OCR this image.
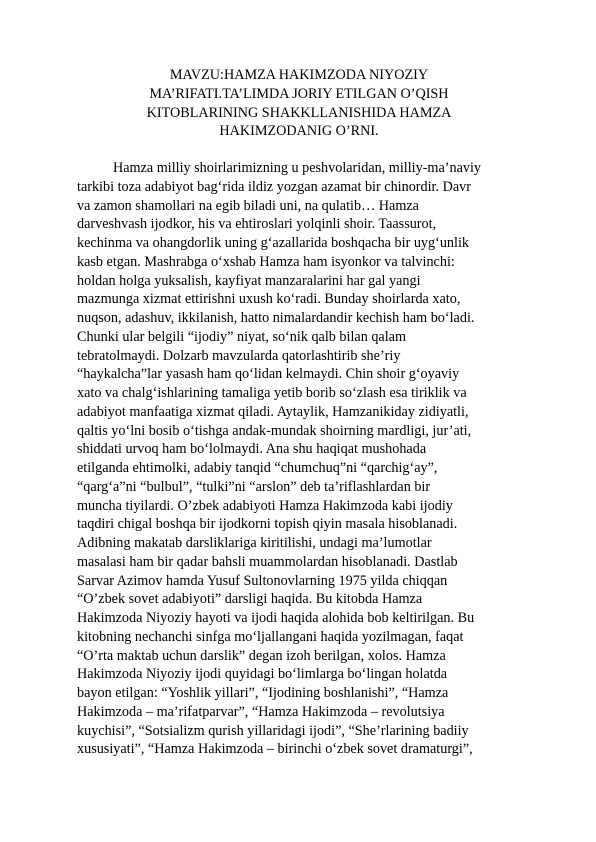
MAVZU:HAMZA HAKIMZODA NIYOZIY
MA’RIFATI.TA’LIMDA JORIY ETILGAN O’QISH
KITOBLARINING SHAKKLLANISHIDA HAMZA
HAKIMZODANIG O’RNI.
Hamza milliy shoirlarimizning u peshvolaridan, milliy-ma’naviy
tarkibi toza adabiyot bag‘rida ildiz yozgan azamat bir chinordir. Davr
va zamon shamollari na egib biladi uni, na qulatib… Hamza
darveshvash ijodkor, his va ehtiroslari yolqinli shoir. Taassurot,
kechinma va ohangdorlik uning g‘azallarida boshqacha bir uyg‘unlik
kasb etgan. Mashrabga o‘xshab Hamza ham isyonkor va talvinchi:
holdan holga yuksalish, kayfiyat manzaralarini har gal yangi
mazmunga xizmat ettirishni uxush ko‘radi. Bunday shoirlarda xato,
nuqson, adashuv, ikkilanish, hatto nimalardandir kechish ham bo‘ladi.
Chunki ular belgili “ijodiy” niyat, so‘nik qalb bilan qalam
tebratolmaydi. Dolzarb mavzularda qatorlashtirib she’riy
“haykalcha”lar yasash ham qo‘lidan kelmaydi. Chin shoir g‘oyaviy
xato va chalg‘ishlarining tamaliga yetib borib so‘zlash esa tiriklik va
adabiyot manfaatiga xizmat qiladi. Aytaylik, Hamzanikiday zidiyatli,
qaltis yo‘lni bosib o‘tishga andak-mundak shoirning mardligi, jur’ati,
shiddati urvoq ham bo‘lolmaydi. Ana shu haqiqat mushohada
etilganda ehtimolki, adabiy tanqid “chumchuq”ni “qarchig‘ay”,
“qarg‘a”ni “bulbul”, “tulki”ni “arslon” deb ta’riflashlardan bir
muncha tiyilardi. O’zbek adabiyoti Hamza Hakimzoda kabi ijodiy
taqdiri chigal boshqa bir ijodkorni topish qiyin masala hisoblanadi.
Adibning makatab darsliklariga kiritilishi, undagi ma’lumotlar
masalasi ham bir qadar bahsli muammolardan hisoblanadi. Dastlab
Sarvar Azimov hamda Yusuf Sultonovlarning 1975 yilda chiqqan
“O’zbek sovet adabiyoti” darsligi haqida. Bu kitobda Hamza
Hakimzoda Niyoziy hayoti va ijodi haqida alohida bob keltirilgan. Bu
kitobning nechanchi sinfga mo‘ljallangani haqida yozilmagan, faqat
“O’rta maktab uchun darslik” degan izoh berilgan, xolos. Hamza
Hakimzoda Niyoziy ijodi quyidagi bo‘limlarga bo‘lingan holatda
bayon etilgan: “Yoshlik yillari”, “Ijodining boshlanishi”, “Hamza
Hakimzoda – ma’rifatparvar”, “Hamza Hakimzoda – revolutsiya
kuychisi”, “Sotsializm qurish yillaridagi ijodi”, “She’rlarining badiiy
xususiyati”, “Hamza Hakimzoda – birinchi o‘zbek sovet dramaturgi”,
